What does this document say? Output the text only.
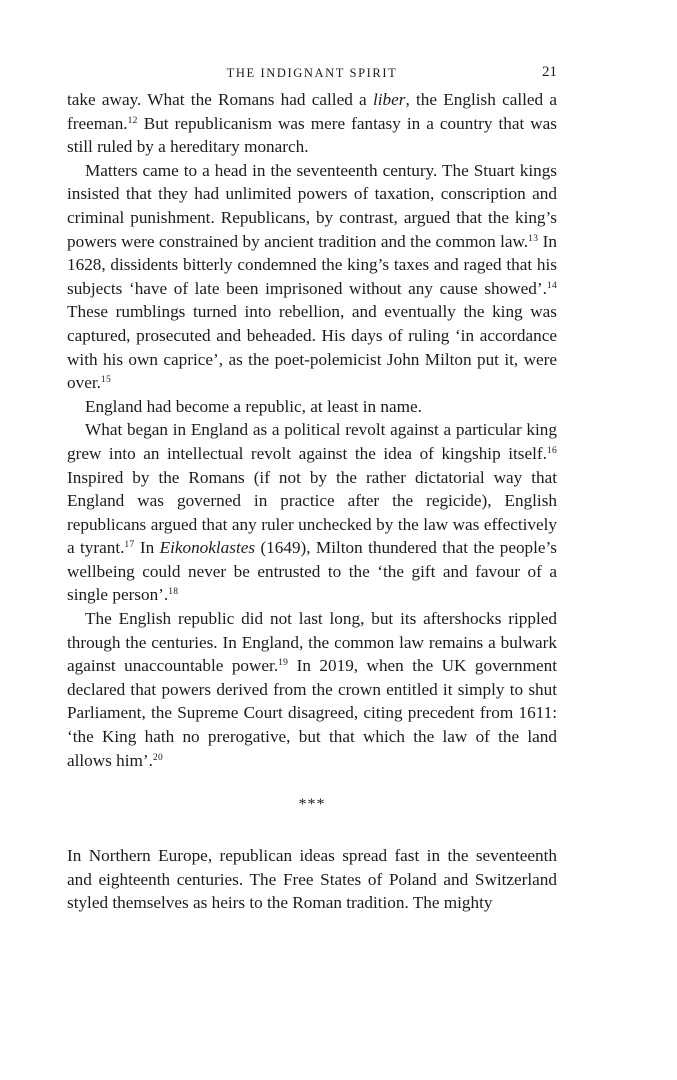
THE INDIGNANT SPIRIT	21

take away. What the Romans had called a liber, the English called a freeman.$^{12}$ But republicanism was mere fantasy in a country that was still ruled by a hereditary monarch.

Matters came to a head in the seventeenth century. The Stuart kings insisted that they had unlimited powers of taxation, conscription and criminal punishment. Republicans, by contrast, argued that the king’s powers were constrained by ancient tradition and the common law.$^{13}$ In 1628, dissidents bitterly condemned the king’s taxes and raged that his subjects ‘have of late been imprisoned without any cause showed’.$^{14}$ These rumblings turned into rebellion, and eventually the king was captured, prosecuted and beheaded. His days of ruling ‘in accordance with his own caprice’, as the poet-polemicist John Milton put it, were over.$^{15}$

England had become a republic, at least in name.

What began in England as a political revolt against a particular king grew into an intellectual revolt against the idea of kingship itself.$^{16}$ Inspired by the Romans (if not by the rather dictatorial way that England was governed in practice after the regicide), English republicans argued that any ruler unchecked by the law was effectively a tyrant.$^{17}$ In Eikonoklastes (1649), Milton thundered that the people’s wellbeing could never be entrusted to the ‘the gift and favour of a single person’.$^{18}$

The English republic did not last long, but its aftershocks rippled through the centuries. In England, the common law remains a bulwark against unaccountable power.$^{19}$ In 2019, when the UK government declared that powers derived from the crown entitled it simply to shut Parliament, the Supreme Court disagreed, citing precedent from 1611: ‘the King hath no prerogative, but that which the law of the land allows him’.$^{20}$

***

In Northern Europe, republican ideas spread fast in the seventeenth and eighteenth centuries. The Free States of Poland and Switzerland styled themselves as heirs to the Roman tradition. The mighty
